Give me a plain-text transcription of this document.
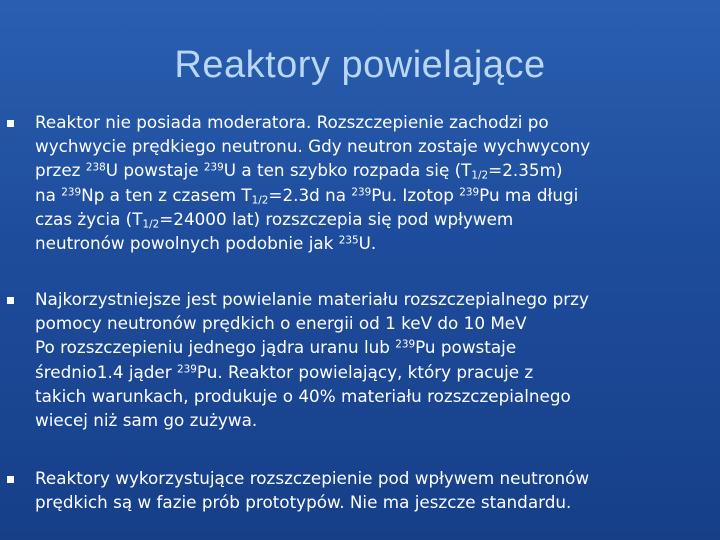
Reaktory powielające
Reaktor nie posiada moderatora. Rozszczepienie zachodzi po
wychwycie prędkiego neutronu. Gdy neutron zostaje wychwycony
przez $^{238}$U powstaje $^{239}$U a ten szybko rozpada się $(T_{1/2}=2.35m)$
na $^{239}$Np a ten z czasem $T_{1/2}=2.3d$ na $^{239}$Pu. Izotop $^{239}$Pu ma długi
czas życia ($T_{1/2}=24000$ lat) rozszczepia się pod wpływem
neutronów powolnych podobnie jak $^{235}$U.
Najkorzystniejsze jest powielanie materiału rozszczepialnego przy
pomocy neutronów prędkich o energii od 1 keV do 10 MeV
Po rozszczepieniu jednego jądra uranu lub $^{239}$Pu powstaje
średnio1.4 jąder $^{239}$Pu. Reaktor powielający, który pracuje z
takich warunkach, produkuje o 40% materiału rozszczepialnego
wiecej niż sam go zużywa.
Reaktory wykorzystujące rozszczepienie pod wpływem neutronów
prędkich są w fazie prób prototypów. Nie ma jeszcze standardu.
